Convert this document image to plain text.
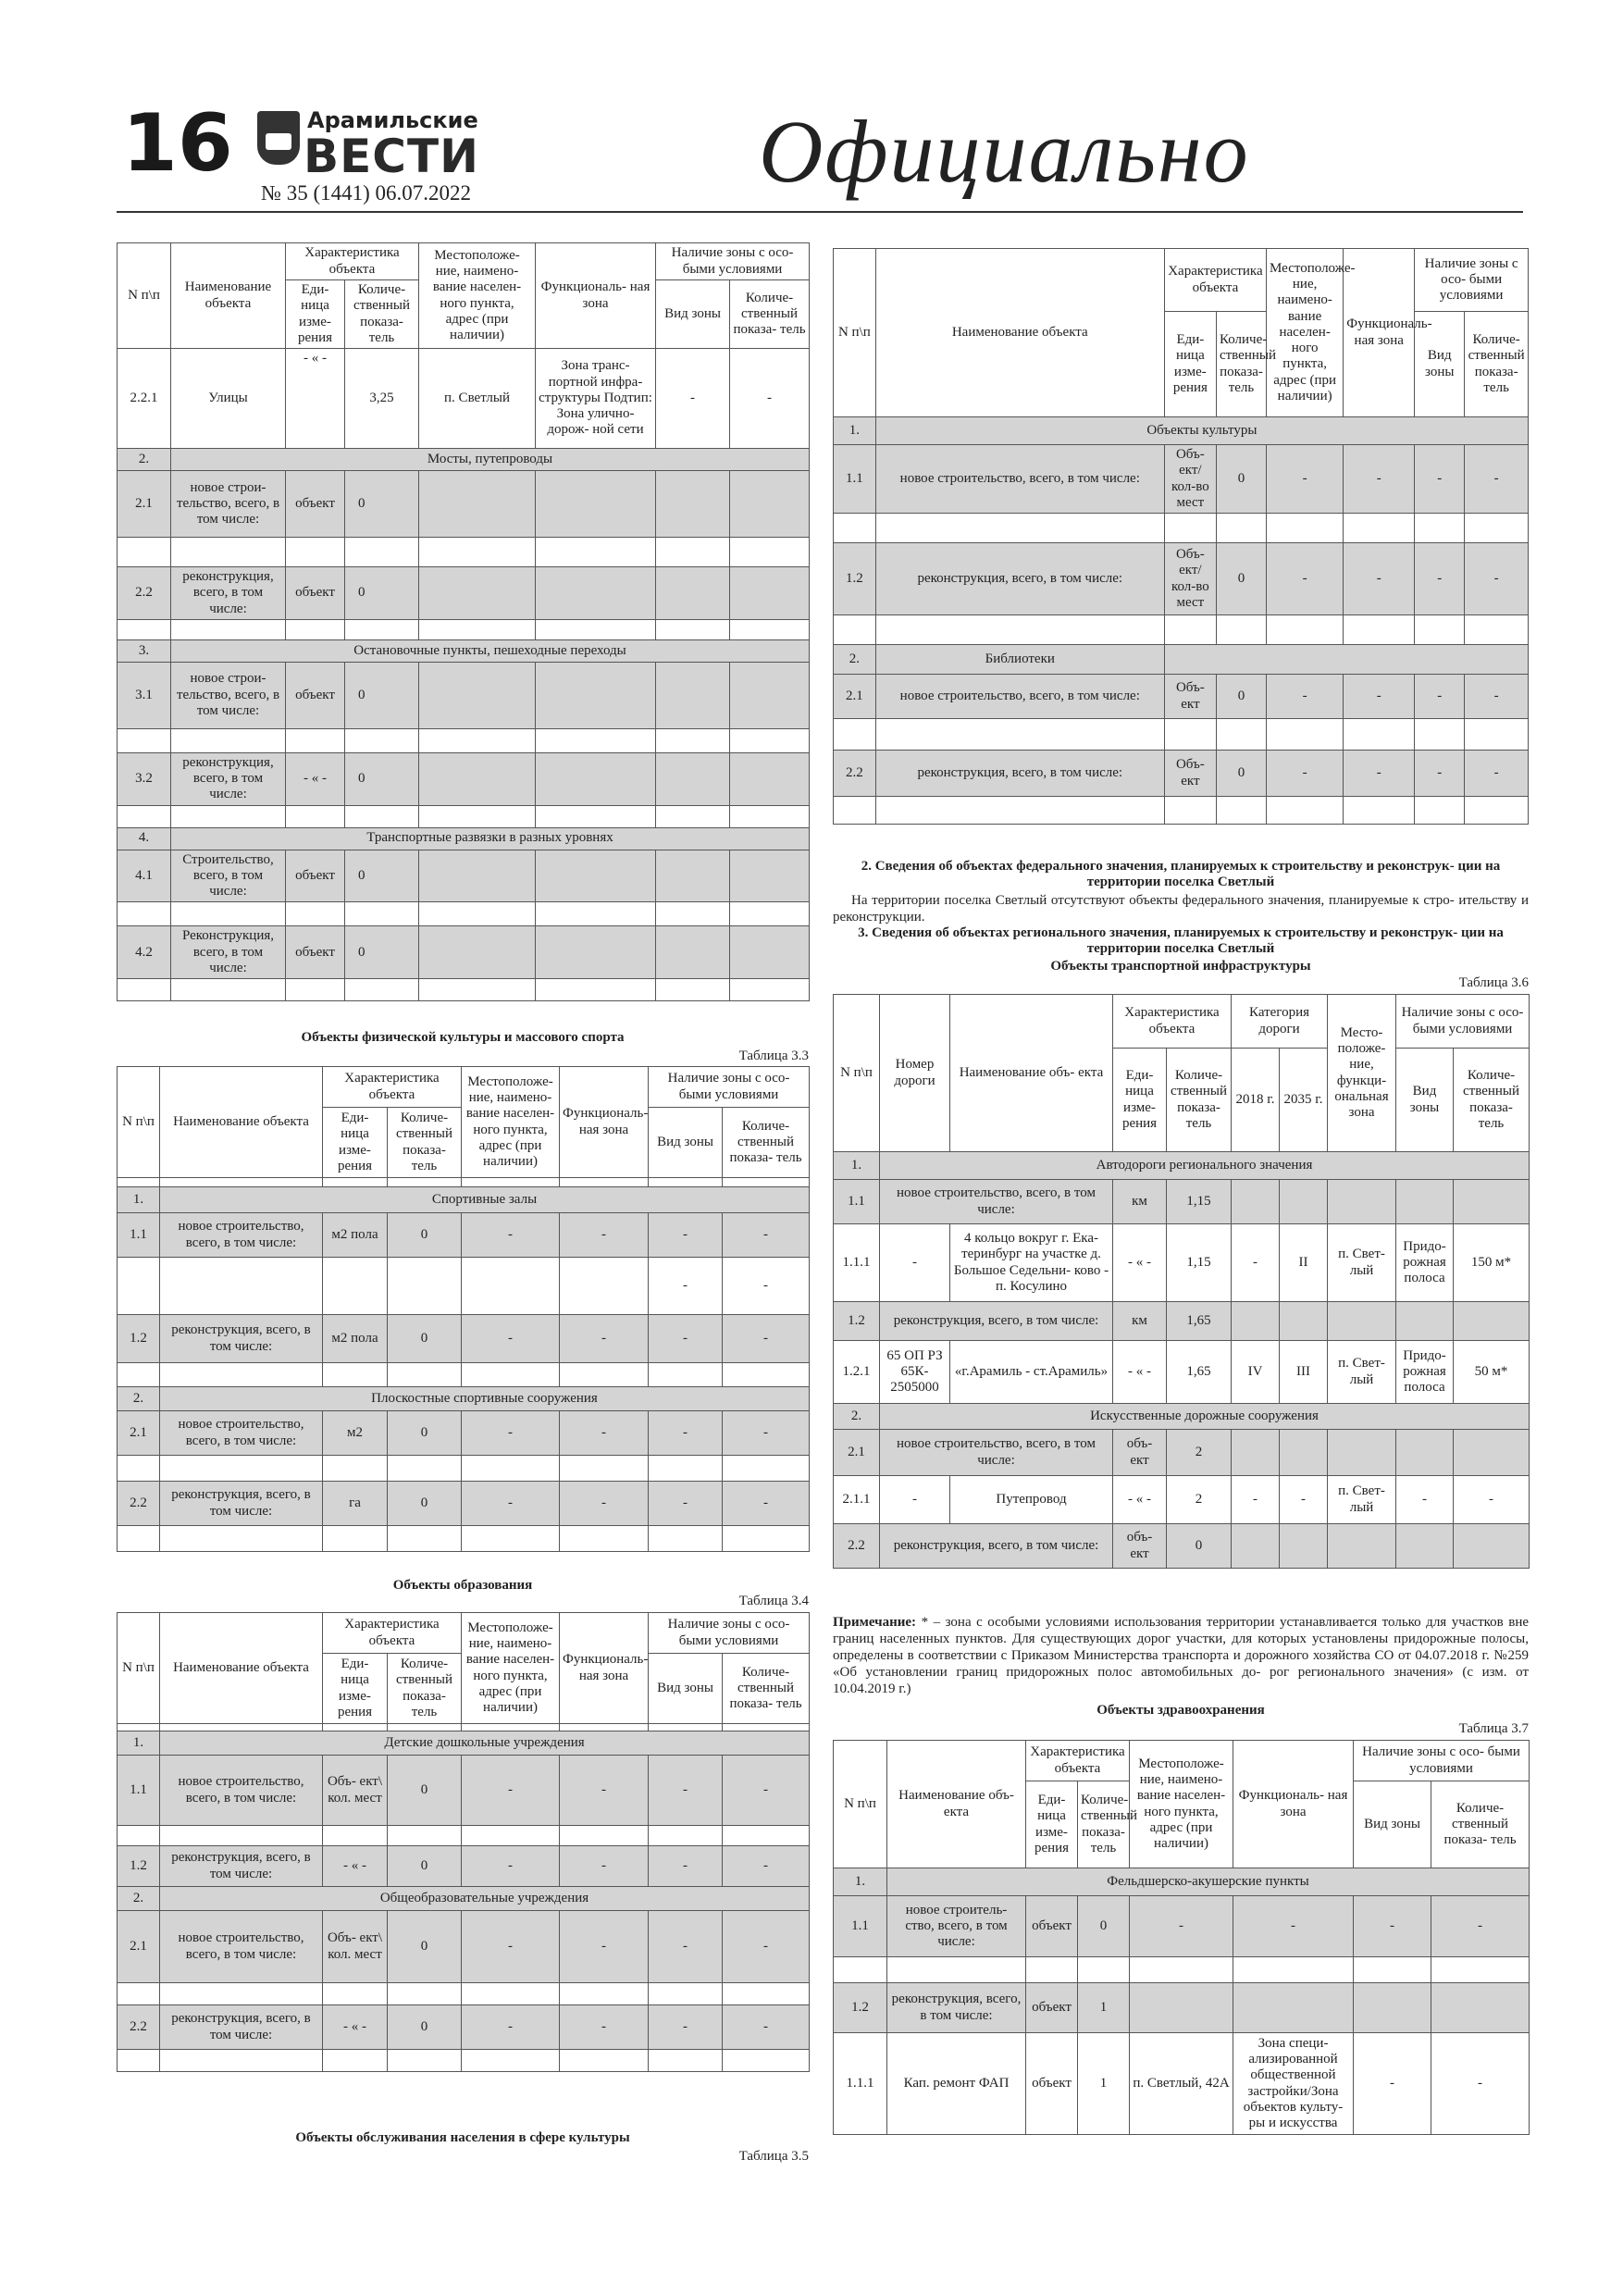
16	Арамильские
ВЕСТИ
№ 35 (1441) 06.07.2022	Официально
N п\п	Наименование объекта	Характеристика объекта		Местоположе- ние, наимено- вание населен- ного пункта, адрес (при наличии)	Функциональ- ная зона	Наличие зоны с осо- быми условиями	
		Еди- ница изме- рения	Количе- ственный показа- тель			Вид зоны	Количе- ственный показа- тель
2.2.1	Улицы	- « -	3,25	п. Светлый	Зона транс- портной инфра- структуры Подтип: Зона улично-дорож- ной сети	-	-
2.	Мосты, путепроводы						
2.1	новое строи- тельство, всего, в том числе:	объект	0				

2.2	реконструкция, всего, в том числе:	объект	0				

3.	Остановочные пункты, пешеходные переходы						
3.1	новое строи- тельство, всего, в том числе:	объект	0				

3.2	реконструкция, всего, в том числе:	- « -	0				

4.	Транспортные развязки в разных уровнях						
4.1	Строительство, всего, в том числе:	объект	0				

4.2	Реконструкция, всего, в том числе:	объект	0				

Объекты физической культуры и массового спорта
Таблица 3.3
N п\п	Наименование объекта	Характеристика объекта		Местоположе- ние, наимено- вание населен- ного пункта, адрес (при наличии)	Функциональ- ная зона	Наличие зоны с осо- быми условиями	
		Еди- ница изме- рения	Количе- ственный показа- тель			Вид зоны	Количе- ственный показа- тель

1.	Спортивные залы						
1.1	новое строительство, всего, в том числе:	м2 пола	0	-	-	-	-
						-	-
1.2	реконструкция, всего, в том числе:	м2 пола	0	-	-	-	-

2.	Плоскостные спортивные сооружения						
2.1	новое строительство, всего, в том числе:	м2	0	-	-	-	-

2.2	реконструкция, всего, в том числе:	га	0	-	-	-	-

Объекты образования
Таблица 3.4
N п\п	Наименование объекта	Характеристика объекта		Местоположе- ние, наимено- вание населен- ного пункта, адрес (при наличии)	Функциональ- ная зона	Наличие зоны с осо- быми условиями	
		Еди- ница изме- рения	Количе- ственный показа- тель			Вид зоны	Количе- ственный показа- тель

1.	Детские дошкольные учреждения						
1.1	новое строительство, всего, в том числе:	Объ- ект\ кол. мест	0	-	-	-	-

1.2	реконструкция, всего, в том числе:	- « -	0	-	-	-	-
2.	Общеобразовательные учреждения						
2.1	новое строительство, всего, в том числе:	Объ- ект\ кол. мест	0	-	-	-	-

2.2	реконструкция, всего, в том числе:	- « -	0	-	-	-	-

Объекты обслуживания населения в сфере культуры
Таблица 3.5
N п\п	Наименование объекта	Характеристика объекта		Местоположе- ние, наимено- вание населен- ного пункта, адрес (при наличии)	Функциональ- ная зона	Наличие зоны с осо- быми условиями	
		Еди- ница изме- рения	Количе- ственный показа- тель			Вид зоны	Количе- ственный показа- тель
1.	Объекты культуры						
1.1	новое строительство, всего, в том числе:	Объ- ект/ кол-во мест	0	-	-	-	-

1.2	реконструкция, всего, в том числе:	Объ- ект/ кол-во мест	0	-	-	-	-

2.	Библиотеки						
2.1	новое строительство, всего, в том числе:	Объ- ект	0	-	-	-	-

2.2	реконструкция, всего, в том числе:	Объ- ект	0	-	-	-	-

2. Сведения об объектах федерального значения, планируемых к строительству и реконструк- ции на территории поселка Светлый
На территории поселка Светлый отсутствуют объекты федерального значения, планируемые к стро- ительству и реконструкции.
3. Сведения об объектах регионального значения, планируемых к строительству и реконструк- ции на территории поселка Светлый
Объекты транспортной инфраструктуры
Таблица 3.6
N п\п	Номер дороги	Наименование объ- екта	Характеристика объекта		Категория дороги		Место- положе- ние, функци- ональная зона	Наличие зоны с осо- быми условиями	
			Еди- ница изме- рения	Количе- ственный показа- тель	2018 г.	2035 г.		Вид зоны	Количе- ственный показа- тель
1.	Автодороги регионального значения								
1.1	новое строительство, всего, в том числе:		км	1,15					
1.1.1	-	4 кольцо вокруг г. Ека- теринбург на участке д. Большое Седельни- ково - п. Косулино	- « -	1,15	-	II	п. Свет- лый	Придо- рожная полоса	150 м*
1.2	реконструкция, всего, в том числе:		км	1,65					
1.2.1	65 ОП РЗ 65К- 2505000	«г.Арамиль - ст.Арамиль»	- « -	1,65	IV	III	п. Свет- лый	Придо- рожная полоса	50 м*
2.	Искусственные дорожные сооружения								
2.1	новое строительство, всего, в том числе:		объ- ект	2					
2.1.1	-	Путепровод	- « -	2	-	-	п. Свет- лый	-	-
2.2	реконструкция, всего, в том числе:		объ- ект	0					
Примечание: * – зона с особыми условиями использования территории устанавливается только для участков вне границ населенных пунктов. Для существующих дорог участки, для которых установлены придорожные полосы, определены в соответствии с Приказом Министерства транспорта и дорожного хозяйства СО от 04.07.2018 г. №259 «Об установлении границ придорожных полос автомобильных до- рог регионального значения» (с изм. от 10.04.2019 г.)
Объекты здравоохранения
Таблица 3.7
N п\п	Наименование объ- екта	Характеристика объекта		Местоположе- ние, наимено- вание населен- ного пункта, адрес (при наличии)	Функциональ- ная зона	Наличие зоны с осо- быми условиями	
		Еди- ница изме- рения	Количе- ственный показа- тель			Вид зоны	Количе- ственный показа- тель
1.	Фельдшерско-акушерские пункты						
1.1	новое строитель- ство, всего, в том числе:	объект	0	-	-	-	-

1.2	реконструкция, всего, в том числе:	объект	1				
1.1.1	Кап. ремонт ФАП	объект	1	п. Светлый, 42А	Зона специ- ализированной общественной застройки/Зона объектов культу- ры и искусства	-	-
